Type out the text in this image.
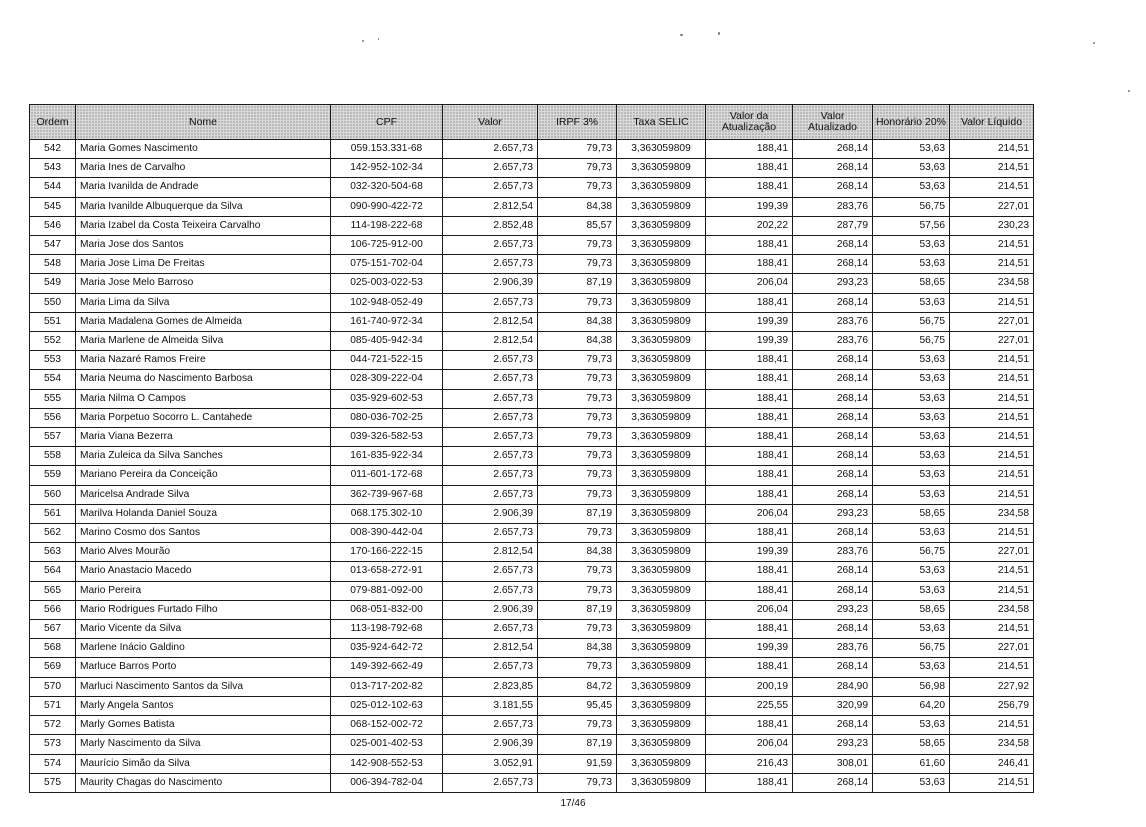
Ordem	Nome	CPF	Valor	IRPF 3%	Taxa SELIC	Valor da Atualização	Valor Atualizado	Honorário 20%	Valor Líquido
542	Maria Gomes Nascimento	059.153.331-68	2.657,73	79,73	3,363059809	188,41	268,14	53,63	214,51
543	Maria Ines de Carvalho	142-952-102-34	2.657,73	79,73	3,363059809	188,41	268,14	53,63	214,51
544	Maria Ivanilda de Andrade	032-320-504-68	2.657,73	79,73	3,363059809	188,41	268,14	53,63	214,51
545	Maria Ivanilde Albuquerque da Silva	090-990-422-72	2.812,54	84,38	3,363059809	199,39	283,76	56,75	227,01
546	Maria Izabel da Costa Teixeira Carvalho	114-198-222-68	2.852,48	85,57	3,363059809	202,22	287,79	57,56	230,23
547	Maria Jose dos Santos	106-725-912-00	2.657,73	79,73	3,363059809	188,41	268,14	53,63	214,51
548	Maria Jose Lima De Freitas	075-151-702-04	2.657,73	79,73	3,363059809	188,41	268,14	53,63	214,51
549	Maria Jose Melo Barroso	025-003-022-53	2.906,39	87,19	3,363059809	206,04	293,23	58,65	234,58
550	Maria Lima da Silva	102-948-052-49	2.657,73	79,73	3,363059809	188,41	268,14	53,63	214,51
551	Maria Madalena Gomes de Almeida	161-740-972-34	2.812,54	84,38	3,363059809	199,39	283,76	56,75	227,01
552	Maria Marlene de Almeida Silva	085-405-942-34	2.812,54	84,38	3,363059809	199,39	283,76	56,75	227,01
553	Maria Nazaré Ramos Freire	044-721-522-15	2.657,73	79,73	3,363059809	188,41	268,14	53,63	214,51
554	Maria Neuma do Nascimento Barbosa	028-309-222-04	2.657,73	79,73	3,363059809	188,41	268,14	53,63	214,51
555	Maria Nilma O Campos	035-929-602-53	2.657,73	79,73	3,363059809	188,41	268,14	53,63	214,51
556	Maria Porpetuo Socorro L. Cantahede	080-036-702-25	2.657,73	79,73	3,363059809	188,41	268,14	53,63	214,51
557	Maria Viana Bezerra	039-326-582-53	2.657,73	79,73	3,363059809	188,41	268,14	53,63	214,51
558	Maria Zuleica da Silva Sanches	161-835-922-34	2.657,73	79,73	3,363059809	188,41	268,14	53,63	214,51
559	Mariano Pereira da Conceição	011-601-172-68	2.657,73	79,73	3,363059809	188,41	268,14	53,63	214,51
560	Maricelsa Andrade Silva	362-739-967-68	2.657,73	79,73	3,363059809	188,41	268,14	53,63	214,51
561	Marilva Holanda Daniel Souza	068.175.302-10	2.906,39	87,19	3,363059809	206,04	293,23	58,65	234,58
562	Marino Cosmo dos Santos	008-390-442-04	2.657,73	79,73	3,363059809	188,41	268,14	53,63	214,51
563	Mario Alves Mourão	170-166-222-15	2.812,54	84,38	3,363059809	199,39	283,76	56,75	227,01
564	Mario Anastacio Macedo	013-658-272-91	2.657,73	79,73	3,363059809	188,41	268,14	53,63	214,51
565	Mario Pereira	079-881-092-00	2.657,73	79,73	3,363059809	188,41	268,14	53,63	214,51
566	Mario Rodrigues Furtado Filho	068-051-832-00	2.906,39	87,19	3,363059809	206,04	293,23	58,65	234,58
567	Mario Vicente da Silva	113-198-792-68	2.657,73	79,73	3,363059809	188,41	268,14	53,63	214,51
568	Marlene Inácio Galdino	035-924-642-72	2.812,54	84,38	3,363059809	199,39	283,76	56,75	227,01
569	Marluce Barros Porto	149-392-662-49	2.657,73	79,73	3,363059809	188,41	268,14	53,63	214,51
570	Marluci Nascimento Santos da Silva	013-717-202-82	2.823,85	84,72	3,363059809	200,19	284,90	56,98	227,92
571	Marly Angela Santos	025-012-102-63	3.181,55	95,45	3,363059809	225,55	320,99	64,20	256,79
572	Marly Gomes Batista	068-152-002-72	2.657,73	79,73	3,363059809	188,41	268,14	53,63	214,51
573	Marly Nascimento da Silva	025-001-402-53	2.906,39	87,19	3,363059809	206,04	293,23	58,65	234,58
574	Maurício Simão da Silva	142-908-552-53	3.052,91	91,59	3,363059809	216,43	308,01	61,60	246,41
575	Maurity Chagas do Nascimento	006-394-782-04	2.657,73	79,73	3,363059809	188,41	268,14	53,63	214,51
17/46
